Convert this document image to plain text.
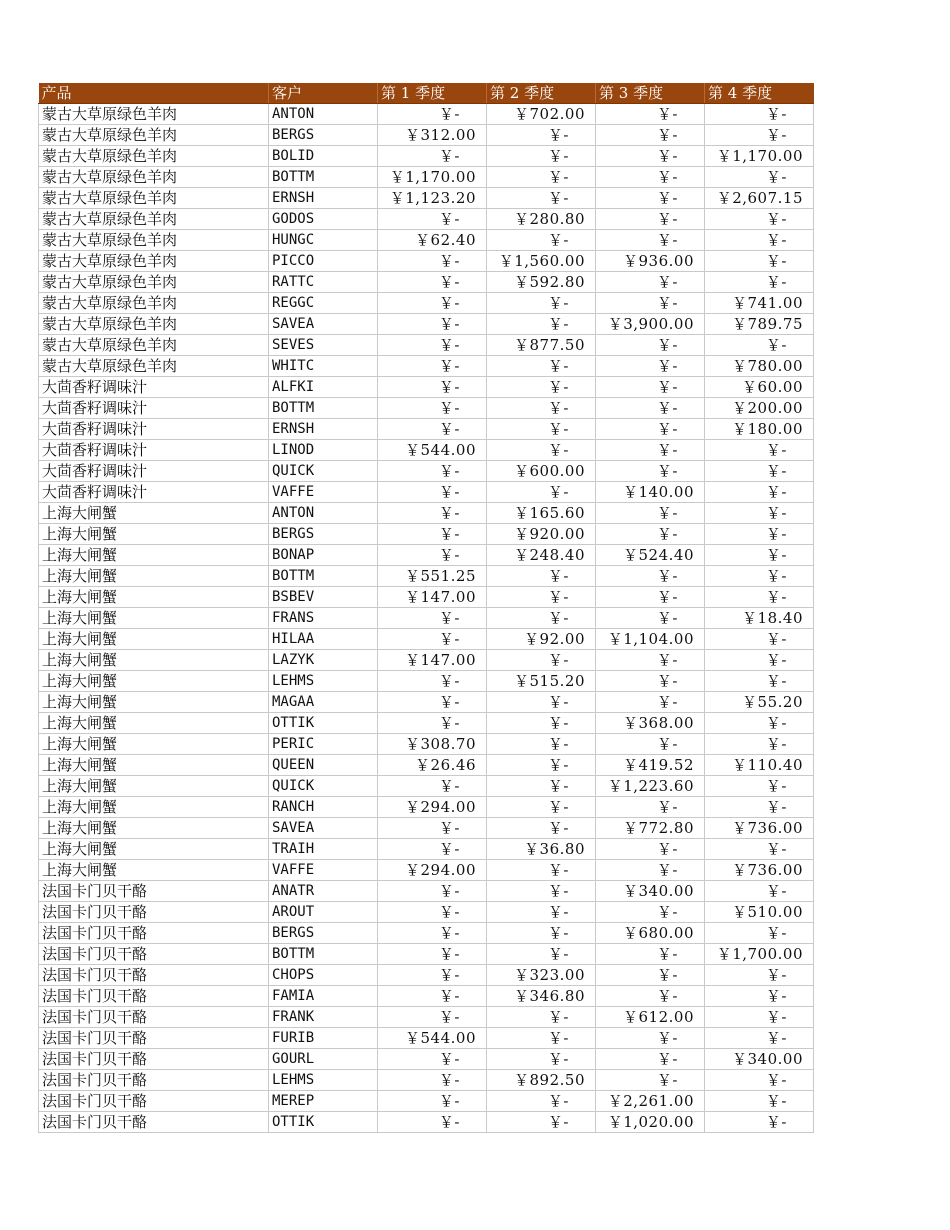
产品	客户	第 1 季度	第 2 季度	第 3 季度	第 4 季度
蒙古大草原绿色羊肉	ANTON	￥-	￥702.00	￥-	￥-
蒙古大草原绿色羊肉	BERGS	￥312.00	￥-	￥-	￥-
蒙古大草原绿色羊肉	BOLID	￥-	￥-	￥-	￥1,170.00
蒙古大草原绿色羊肉	BOTTM	￥1,170.00	￥-	￥-	￥-
蒙古大草原绿色羊肉	ERNSH	￥1,123.20	￥-	￥-	￥2,607.15
蒙古大草原绿色羊肉	GODOS	￥-	￥280.80	￥-	￥-
蒙古大草原绿色羊肉	HUNGC	￥62.40	￥-	￥-	￥-
蒙古大草原绿色羊肉	PICCO	￥-	￥1,560.00	￥936.00	￥-
蒙古大草原绿色羊肉	RATTC	￥-	￥592.80	￥-	￥-
蒙古大草原绿色羊肉	REGGC	￥-	￥-	￥-	￥741.00
蒙古大草原绿色羊肉	SAVEA	￥-	￥-	￥3,900.00	￥789.75
蒙古大草原绿色羊肉	SEVES	￥-	￥877.50	￥-	￥-
蒙古大草原绿色羊肉	WHITC	￥-	￥-	￥-	￥780.00
大茴香籽调味汁	ALFKI	￥-	￥-	￥-	￥60.00
大茴香籽调味汁	BOTTM	￥-	￥-	￥-	￥200.00
大茴香籽调味汁	ERNSH	￥-	￥-	￥-	￥180.00
大茴香籽调味汁	LINOD	￥544.00	￥-	￥-	￥-
大茴香籽调味汁	QUICK	￥-	￥600.00	￥-	￥-
大茴香籽调味汁	VAFFE	￥-	￥-	￥140.00	￥-
上海大闸蟹	ANTON	￥-	￥165.60	￥-	￥-
上海大闸蟹	BERGS	￥-	￥920.00	￥-	￥-
上海大闸蟹	BONAP	￥-	￥248.40	￥524.40	￥-
上海大闸蟹	BOTTM	￥551.25	￥-	￥-	￥-
上海大闸蟹	BSBEV	￥147.00	￥-	￥-	￥-
上海大闸蟹	FRANS	￥-	￥-	￥-	￥18.40
上海大闸蟹	HILAA	￥-	￥92.00	￥1,104.00	￥-
上海大闸蟹	LAZYK	￥147.00	￥-	￥-	￥-
上海大闸蟹	LEHMS	￥-	￥515.20	￥-	￥-
上海大闸蟹	MAGAA	￥-	￥-	￥-	￥55.20
上海大闸蟹	OTTIK	￥-	￥-	￥368.00	￥-
上海大闸蟹	PERIC	￥308.70	￥-	￥-	￥-
上海大闸蟹	QUEEN	￥26.46	￥-	￥419.52	￥110.40
上海大闸蟹	QUICK	￥-	￥-	￥1,223.60	￥-
上海大闸蟹	RANCH	￥294.00	￥-	￥-	￥-
上海大闸蟹	SAVEA	￥-	￥-	￥772.80	￥736.00
上海大闸蟹	TRAIH	￥-	￥36.80	￥-	￥-
上海大闸蟹	VAFFE	￥294.00	￥-	￥-	￥736.00
法国卡门贝干酪	ANATR	￥-	￥-	￥340.00	￥-
法国卡门贝干酪	AROUT	￥-	￥-	￥-	￥510.00
法国卡门贝干酪	BERGS	￥-	￥-	￥680.00	￥-
法国卡门贝干酪	BOTTM	￥-	￥-	￥-	￥1,700.00
法国卡门贝干酪	CHOPS	￥-	￥323.00	￥-	￥-
法国卡门贝干酪	FAMIA	￥-	￥346.80	￥-	￥-
法国卡门贝干酪	FRANK	￥-	￥-	￥612.00	￥-
法国卡门贝干酪	FURIB	￥544.00	￥-	￥-	￥-
法国卡门贝干酪	GOURL	￥-	￥-	￥-	￥340.00
法国卡门贝干酪	LEHMS	￥-	￥892.50	￥-	￥-
法国卡门贝干酪	MEREP	￥-	￥-	￥2,261.00	￥-
法国卡门贝干酪	OTTIK	￥-	￥-	￥1,020.00	￥-
